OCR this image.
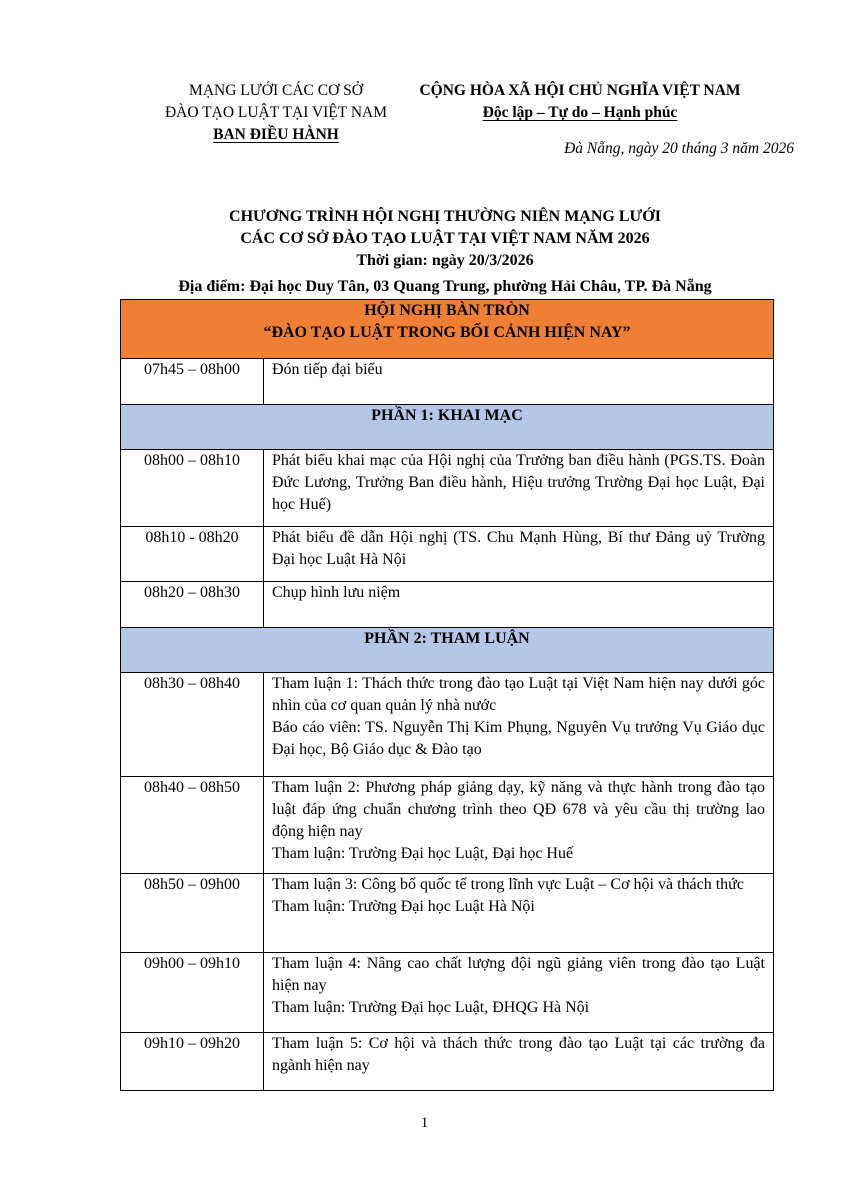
MẠNG LƯỚI CÁC CƠ SỞ
ĐÀO TẠO LUẬT TẠI VIỆT NAM
BAN ĐIỀU HÀNH
CỘNG HÒA XÃ HỘI CHỦ NGHĨA VIỆT NAM
Độc lập – Tự do – Hạnh phúc
Đà Nẵng, ngày 20 tháng 3 năm 2026
CHƯƠNG TRÌNH HỘI NGHỊ THƯỜNG NIÊN MẠNG LƯỚI
CÁC CƠ SỞ ĐÀO TẠO LUẬT TẠI VIỆT NAM NĂM 2026
Thời gian: ngày 20/3/2026
Địa điểm: Đại học Duy Tân, 03 Quang Trung, phường Hải Châu, TP. Đà Nẵng
HỘI NGHỊ BÀN TRÒN
“ĐÀO TẠO LUẬT TRONG BỐI CẢNH HIỆN NAY”	

07h45 – 08h00	Đón tiếp đại biểu

PHẦN 1: KHAI MẠC	
08h00 – 08h10	Phát biểu khai mạc của Hội nghị của Trưởng ban điều hành (PGS.TS. Đoàn Đức Lương, Trưởng Ban điều hành, Hiệu trưởng Trường Đại học Luật, Đại học Huế)

08h10 - 08h20	Phát biểu đề dẫn Hội nghị (TS. Chu Mạnh Hùng, Bí thư Đảng uỷ Trường Đại học Luật Hà Nội

08h20 – 08h30	Chụp hình lưu niệm

PHẦN 2: THAM LUẬN	
08h30 – 08h40	Tham luận 1: Thách thức trong đào tạo Luật tại Việt Nam hiện nay dưới góc nhìn của cơ quan quản lý nhà nước
Báo cáo viên: TS. Nguyễn Thị Kim Phụng, Nguyên Vụ trưởng Vụ Giáo dục Đại học, Bộ Giáo dục & Đào tạo

08h40 – 08h50	Tham luận 2: Phương pháp giảng dạy, kỹ năng và thực hành trong đào tạo luật đáp ứng chuẩn chương trình theo QĐ 678 và yêu cầu thị trường lao động hiện nay
Tham luận: Trường Đại học Luật, Đại học Huế

08h50 – 09h00	Tham luận 3: Công bố quốc tế trong lĩnh vực Luật – Cơ hội và thách thức
Tham luận: Trường Đại học Luật Hà Nội

09h00 – 09h10	Tham luận 4: Nâng cao chất lượng đội ngũ giảng viên trong đào tạo Luật hiện nay
Tham luận: Trường Đại học Luật, ĐHQG Hà Nội

09h10 – 09h20	Tham luận 5: Cơ hội và thách thức trong đào tạo Luật tại các trường đa ngành hiện nay
1
